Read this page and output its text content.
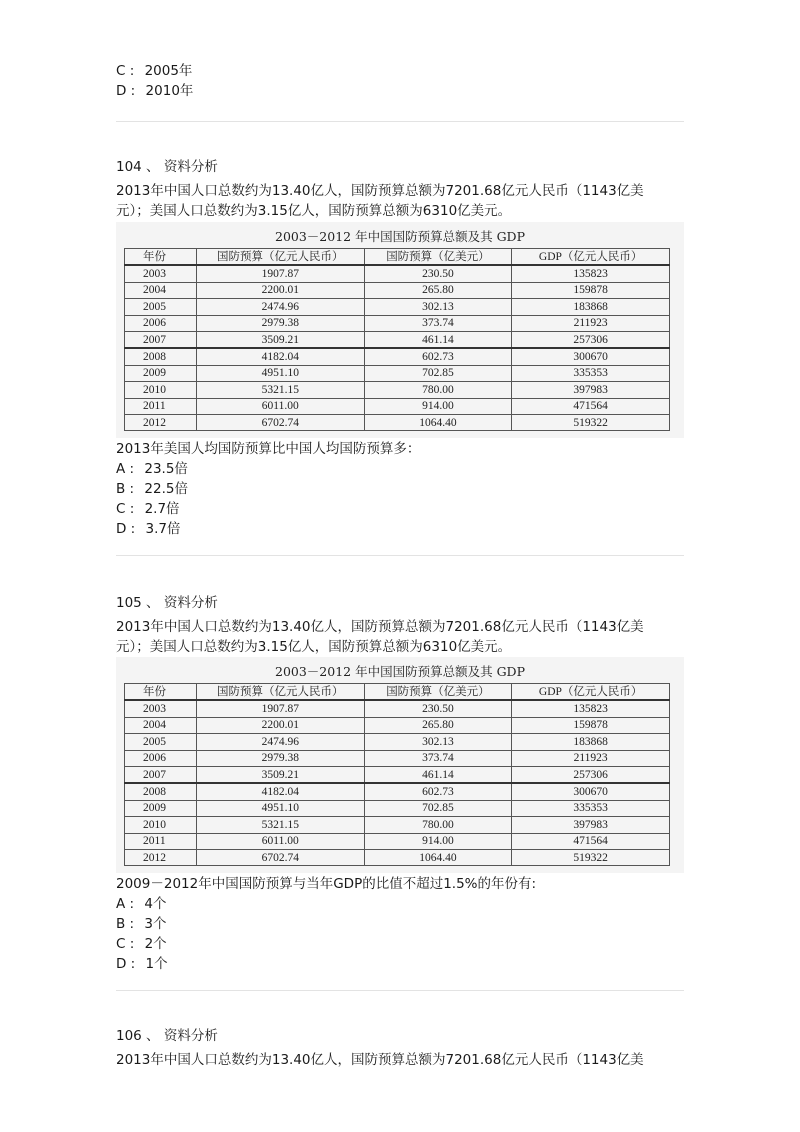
C : 2005年
D : 2010年
104 、 资料分析
2013年中国人口总数约为13.40亿人，国防预算总额为7201.68亿元人民币（1143亿美
元）；美国人口总数约为3.15亿人，国防预算总额为6310亿美元。
2003－2012 年中国国防预算总额及其 GDP
年份	国防预算（亿元人民币）	国防预算（亿美元）	GDP（亿元人民币）
2003	1907.87	230.50	135823
2004	2200.01	265.80	159878
2005	2474.96	302.13	183868
2006	2979.38	373.74	211923
2007	3509.21	461.14	257306
2008	4182.04	602.73	300670
2009	4951.10	702.85	335353
2010	5321.15	780.00	397983
2011	6011.00	914.00	471564
2012	6702.74	1064.40	519322
2013年美国人均国防预算比中国人均国防预算多：
A : 23.5倍
B : 22.5倍
C : 2.7倍
D : 3.7倍
105 、 资料分析
2013年中国人口总数约为13.40亿人，国防预算总额为7201.68亿元人民币（1143亿美
元）；美国人口总数约为3.15亿人，国防预算总额为6310亿美元。
2003－2012 年中国国防预算总额及其 GDP
年份	国防预算（亿元人民币）	国防预算（亿美元）	GDP（亿元人民币）
2003	1907.87	230.50	135823
2004	2200.01	265.80	159878
2005	2474.96	302.13	183868
2006	2979.38	373.74	211923
2007	3509.21	461.14	257306
2008	4182.04	602.73	300670
2009	4951.10	702.85	335353
2010	5321.15	780.00	397983
2011	6011.00	914.00	471564
2012	6702.74	1064.40	519322
2009－2012年中国国防预算与当年GDP的比值不超过1.5%的年份有:
A : 4个
B : 3个
C : 2个
D : 1个
106 、 资料分析
2013年中国人口总数约为13.40亿人，国防预算总额为7201.68亿元人民币（1143亿美
